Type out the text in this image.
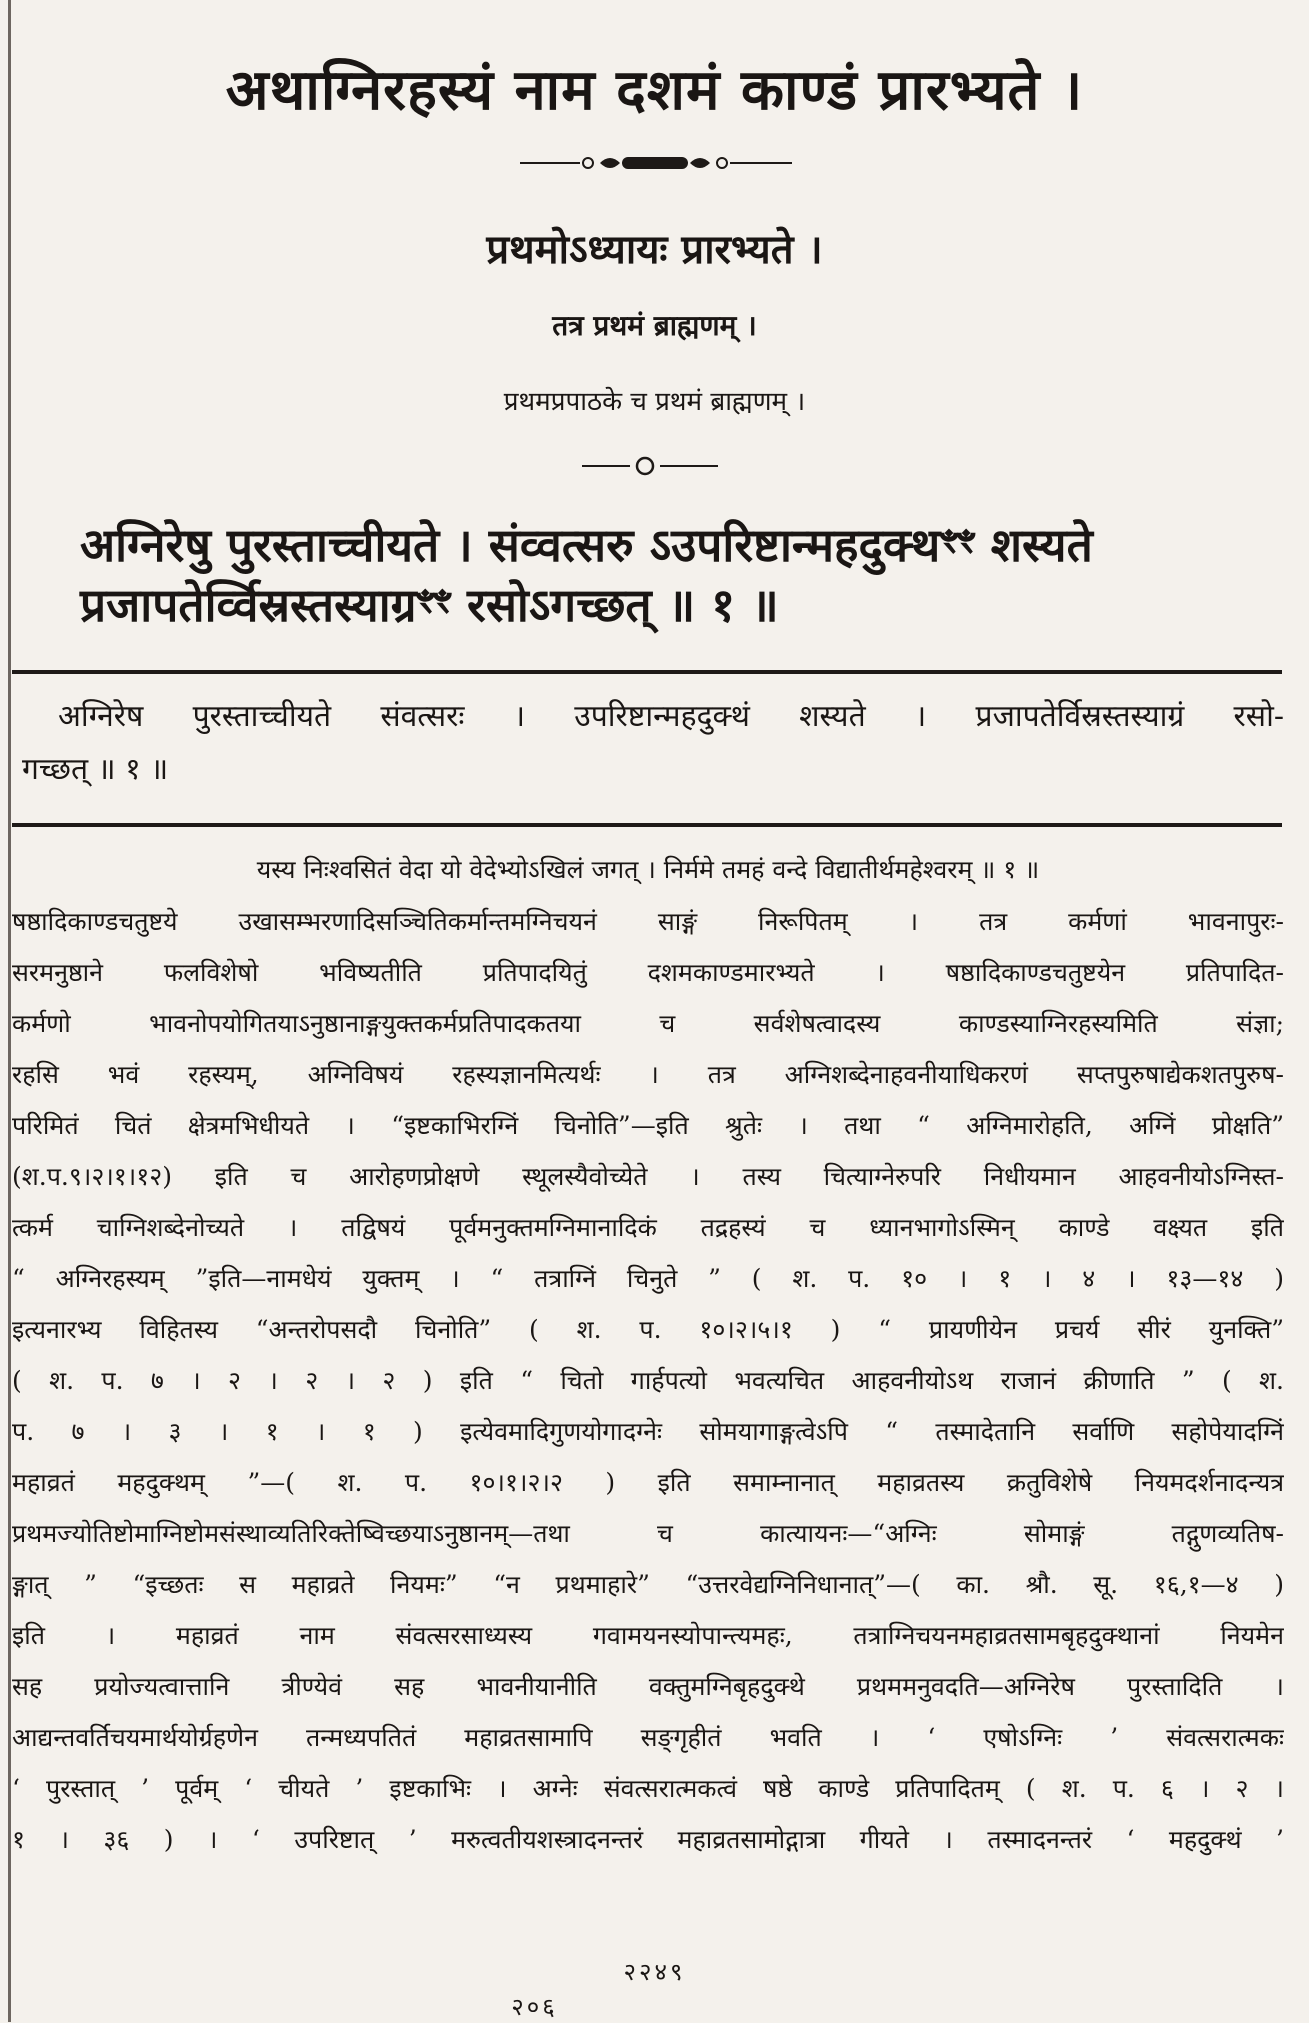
अथाग्निरहस्यं नाम दशमं काण्डं प्रारभ्यते ।
प्रथमोऽध्यायः प्रारभ्यते ।
तत्र प्रथमं ब्राह्मणम् ।
प्रथमप्रपाठके च प्रथमं ब्राह्मणम् ।
अग्निरेषु पुरस्ताच्चीयते । संव्वत्सरु ऽउपरिष्टान्महदुक्थꣳꣳ शस्यते
प्रजापतेर्व्विस्रस्तस्याग्रꣳꣳ रसोऽगच्छत् ॥ १ ॥
अग्निरेष पुरस्ताच्चीयते संवत्सरः । उपरिष्टान्महदुक्थं शस्यते । प्रजापतेर्विस्रस्तस्याग्रं रसो-
गच्छत् ॥ १ ॥
यस्य निःश्वसितं वेदा यो वेदेभ्योऽखिलं जगत् । निर्ममे तमहं वन्दे विद्यातीर्थमहेश्वरम् ॥ १ ॥
षष्ठादिकाण्डचतुष्टये उखासम्भरणादिसञ्चितिकर्मान्तमग्निचयनं साङ्गं निरूपितम् । तत्र कर्मणां भावनापुरः-
सरमनुष्ठाने फलविशेषो भविष्यतीति प्रतिपादयितुं दशमकाण्डमारभ्यते । षष्ठादिकाण्डचतुष्टयेन प्रतिपादित-
कर्मणो भावनोपयोगितयाऽनुष्ठानाङ्गयुक्तकर्मप्रतिपादकतया च सर्वशेषत्वादस्य काण्डस्याग्निरहस्यमिति संज्ञा;
रहसि भवं रहस्यम्, अग्निविषयं रहस्यज्ञानमित्यर्थः । तत्र अग्निशब्देनाहवनीयाधिकरणं सप्तपुरुषाद्येकशतपुरुष-
परिमितं चितं क्षेत्रमभिधीयते । “इष्टकाभिरग्निं चिनोति”—इति श्रुतेः । तथा “ अग्निमारोहति, अग्निं प्रोक्षति”
(श.प.९।२।१।१२) इति च आरोहणप्रोक्षणे स्थूलस्यैवोच्येते । तस्य चित्याग्नेरुपरि निधीयमान आहवनीयोऽग्निस्त-
त्कर्म चाग्निशब्देनोच्यते । तद्विषयं पूर्वमनुक्तमग्निमानादिकं तद्रहस्यं च ध्यानभागोऽस्मिन् काण्डे वक्ष्यत इति
“ अग्निरहस्यम् ”इति—नामधेयं युक्तम् । “ तत्राग्निं चिनुते ” ( श. प. १० । १ । ४ । १३—१४ )
इत्यनारभ्य विहितस्य “अन्तरोपसदौ चिनोति” ( श. प. १०।२।५।१ ) “ प्रायणीयेन प्रचर्य सीरं युनक्ति”
( श. प. ७ । २ । २ । २ ) इति “ चितो गार्हपत्यो भवत्यचित आहवनीयोऽथ राजानं क्रीणाति ” ( श.
प. ७ । ३ । १ । १ ) इत्येवमादिगुणयोगादग्नेः सोमयागाङ्गत्वेऽपि “ तस्मादेतानि सर्वाणि सहोपेयादग्निं
महाव्रतं महदुक्थम् ”—( श. प. १०।१।२।२ ) इति समाम्नानात् महाव्रतस्य क्रतुविशेषे नियमदर्शनादन्यत्र
प्रथमज्योतिष्टोमाग्निष्टोमसंस्थाव्यतिरिक्तेष्विच्छयाऽनुष्ठानम्—तथा च कात्यायनः—“अग्निः सोमाङ्गं तद्गुणव्यतिष-
ङ्गात् ” “इच्छतः स महाव्रते नियमः” “न प्रथमाहारे” “उत्तरवेद्यग्निनिधानात्”—( का. श्रौ. सू. १६,१—४ )
इति । महाव्रतं नाम संवत्सरसाध्यस्य गवामयनस्योपान्त्यमहः, तत्राग्निचयनमहाव्रतसामबृहदुक्थानां नियमेन
सह प्रयोज्यत्वात्तानि त्रीण्येवं सह भावनीयानीति वक्तुमग्निबृहदुक्थे प्रथममनुवदति—अग्निरेष पुरस्तादिति ।
आद्यन्तवर्तिचयमार्थयोर्ग्रहणेन तन्मध्यपतितं महाव्रतसामापि सङ्गृहीतं भवति । ‘ एषोऽग्निः ’ संवत्सरात्मकः
‘ पुरस्तात् ’ पूर्वम् ‘ चीयते ’ इष्टकाभिः । अग्नेः संवत्सरात्मकत्वं षष्ठे काण्डे प्रतिपादितम् ( श. प. ६ । २ ।
१ । ३६ ) । ‘ उपरिष्टात् ’ मरुत्वतीयशस्त्रादनन्तरं महाव्रतसामोद्गात्रा गीयते । तस्मादनन्तरं ‘ महदुक्थं ’
२२४९
२०६
